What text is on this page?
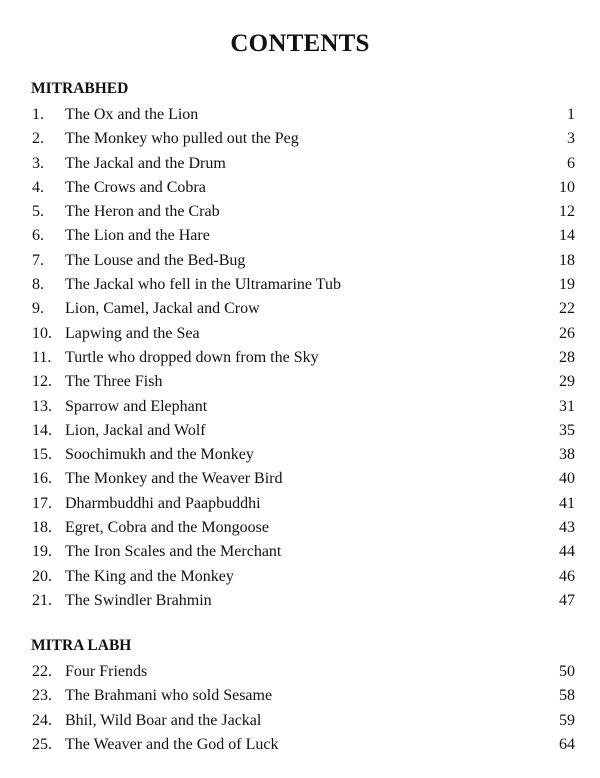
CONTENTS
MITRABHED
1. The Ox and the Lion	1
2. The Monkey who pulled out the Peg	3
3. The Jackal and the Drum	6
4. The Crows and Cobra	10
5. The Heron and the Crab	12
6. The Lion and the Hare	14
7. The Louse and the Bed-Bug	18
8. The Jackal who fell in the Ultramarine Tub	19
9. Lion, Camel, Jackal and Crow	22
10. Lapwing and the Sea	26
11. Turtle who dropped down from the Sky	28
12. The Three Fish	29
13. Sparrow and Elephant	31
14. Lion, Jackal and Wolf	35
15. Soochimukh and the Monkey	38
16. The Monkey and the Weaver Bird	40
17. Dharmbuddhi and Paapbuddhi	41
18. Egret, Cobra and the Mongoose	43
19. The Iron Scales and the Merchant	44
20. The King and the Monkey	46
21. The Swindler Brahmin	47
MITRA LABH
22. Four Friends	50
23. The Brahmani who sold Sesame	58
24. Bhil, Wild Boar and the Jackal	59
25. The Weaver and the God of Luck	64
